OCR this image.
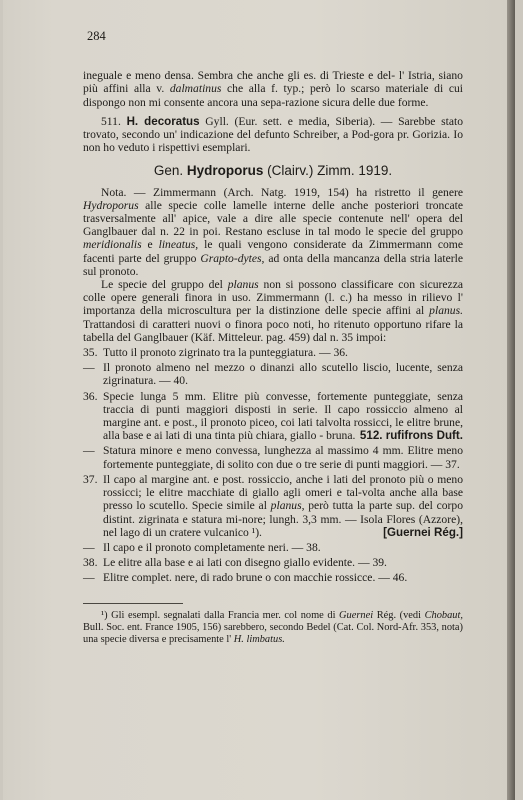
284

ineguale e meno densa. Sembra che anche gli es. di Trieste e del- l' Istria, siano più affini alla v. dalmatinus che alla f. typ.; però lo scarso materiale di cui dispongo non mi consente ancora una sepa-razione sicura delle due forme.

511. H. decoratus Gyll. (Eur. sett. e media, Siberia). — Sarebbe stato trovato, secondo un' indicazione del defunto Schreiber, a Pod-gora pr. Gorizia. Io non ho veduto i rispettivi esemplari.

Gen. Hydroporus (Clairv.) Zimm. 1919.

Nota. — Zimmermann (Arch. Natg. 1919, 154) ha ristretto il genere Hydroporus alle specie colle lamelle interne delle anche posteriori troncate trasversalmente all' apice, vale a dire alle specie contenute nell' opera del Ganglbauer dal n. 22 in poi. Restano escluse in tal modo le specie del gruppo meridionalis e lineatus, le quali vengono considerate da Zimmermann come facenti parte del gruppo Grapto-dytes, ad onta della mancanza della stria laterle sul pronoto.

Le specie del gruppo del planus non si possono classificare con sicurezza colle opere generali finora in uso. Zimmermann (l. c.) ha messo in rilievo l' importanza della microscultura per la distinzione delle specie affini al planus. Trattandosi di caratteri nuovi o finora poco noti, ho ritenuto opportuno rifare la tabella del Ganglbauer (Käf. Mitteleur. pag. 459) dal n. 35 impoi:

35. Tutto il pronoto zigrinato tra la punteggiatura. — 36.
— Il pronoto almeno nel mezzo o dinanzi allo scutello liscio, lucente, senza zigrinatura. — 40.
36. Specie lunga 5 mm. Elitre più convesse, fortemente punteggiate, senza traccia di punti maggiori disposti in serie. Il capo rossiccio almeno al margine ant. e post., il pronoto piceo, coi lati talvolta rossicci, le elitre brune, alla base e ai lati di una tinta più chiara, giallo - bruna. 512. rufifrons Duft.
— Statura minore e meno convessa, lunghezza al massimo 4 mm. Elitre meno fortemente punteggiate, di solito con due o tre serie di punti maggiori. — 37.
37. Il capo al margine ant. e post. rossiccio, anche i lati del pronoto più o meno rossicci; le elitre macchiate di giallo agli omeri e tal-volta anche alla base presso lo scutello. Specie simile al planus, però tutta la parte sup. del corpo distint. zigrinata e statura mi-nore; lungh. 3,3 mm. — Isola Flores (Azzore), nel lago di un cratere vulcanico ¹).	[Guernei Rég.]
— Il capo e il pronoto completamente neri. — 38.
38. Le elitre alla base e ai lati con disegno giallo evidente. — 39.
— Elitre complet. nere, di rado brune o con macchie rossicce. — 46.

¹) Gli esempl. segnalati dalla Francia mer. col nome di Guernei Rég. (vedi Chobaut, Bull. Soc. ent. France 1905, 156) sarebbero, secondo Bedel (Cat. Col. Nord-Afr. 353, nota) una specie diversa e precisamente l' H. limbatus.
